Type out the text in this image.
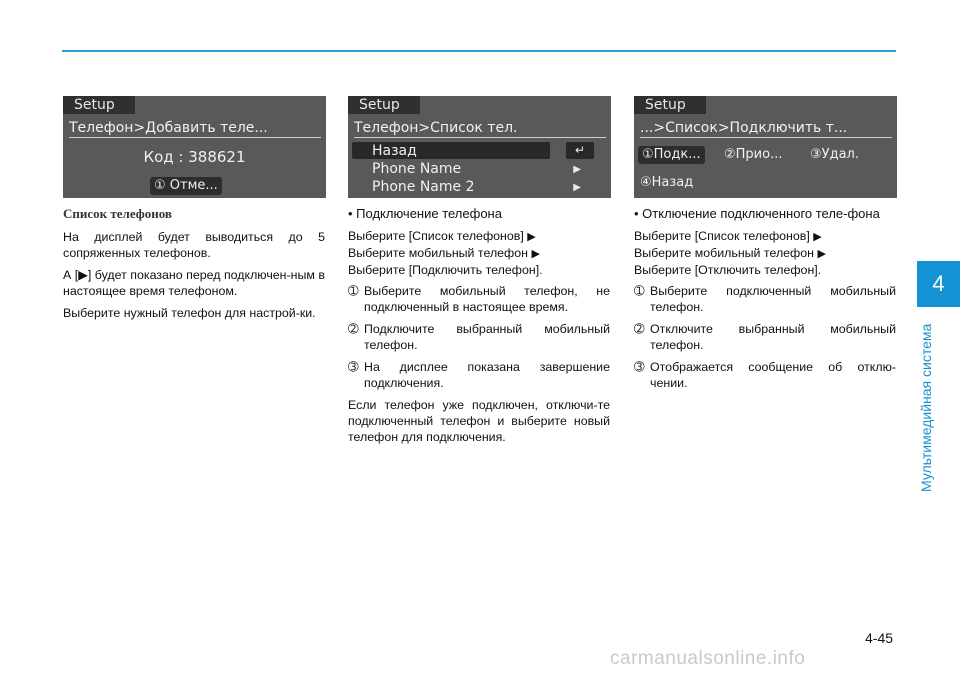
Setup
Телефон>Добавить теле...
Код : 388621
① Отме...
Setup
Телефон>Список тел.
Назад	↵
Phone Name	▶
Phone Name 2	▶
Setup
...>Список>Подключить т...
①Подк...	②Прио... ③Удал.
④Назад

Список телефонов

На дисплей будет выводиться до 5 сопряженных телефонов.

А [▶] будет показано перед подключен-ным в настоящее время телефоном.

Выберите нужный телефон для настрой-ки.

• Подключение телефона

Выберите [Список телефонов] ▶
Выберите мобильный телефон ▶
Выберите [Подключить телефон].

➀ Выберите мобильный телефон, не подключенный в настоящее время.

➁ Подключите выбранный мобильный телефон.

➂ На дисплее показана завершение подключения.

Если телефон уже подключен, отключи-те подключенный телефон и выберите новый телефон для подключения.

• Отключение подключенного теле-фона

Выберите [Список телефонов] ▶
Выберите мобильный телефон ▶
Выберите [Отключить телефон].

➀ Выберите подключенный мобильный телефон.

➁ Отключите выбранный мобильный телефон.

➂ Отображается сообщение об отклю-чении.

4
Мультимедийная система
4-45
carmanualsonline.info
